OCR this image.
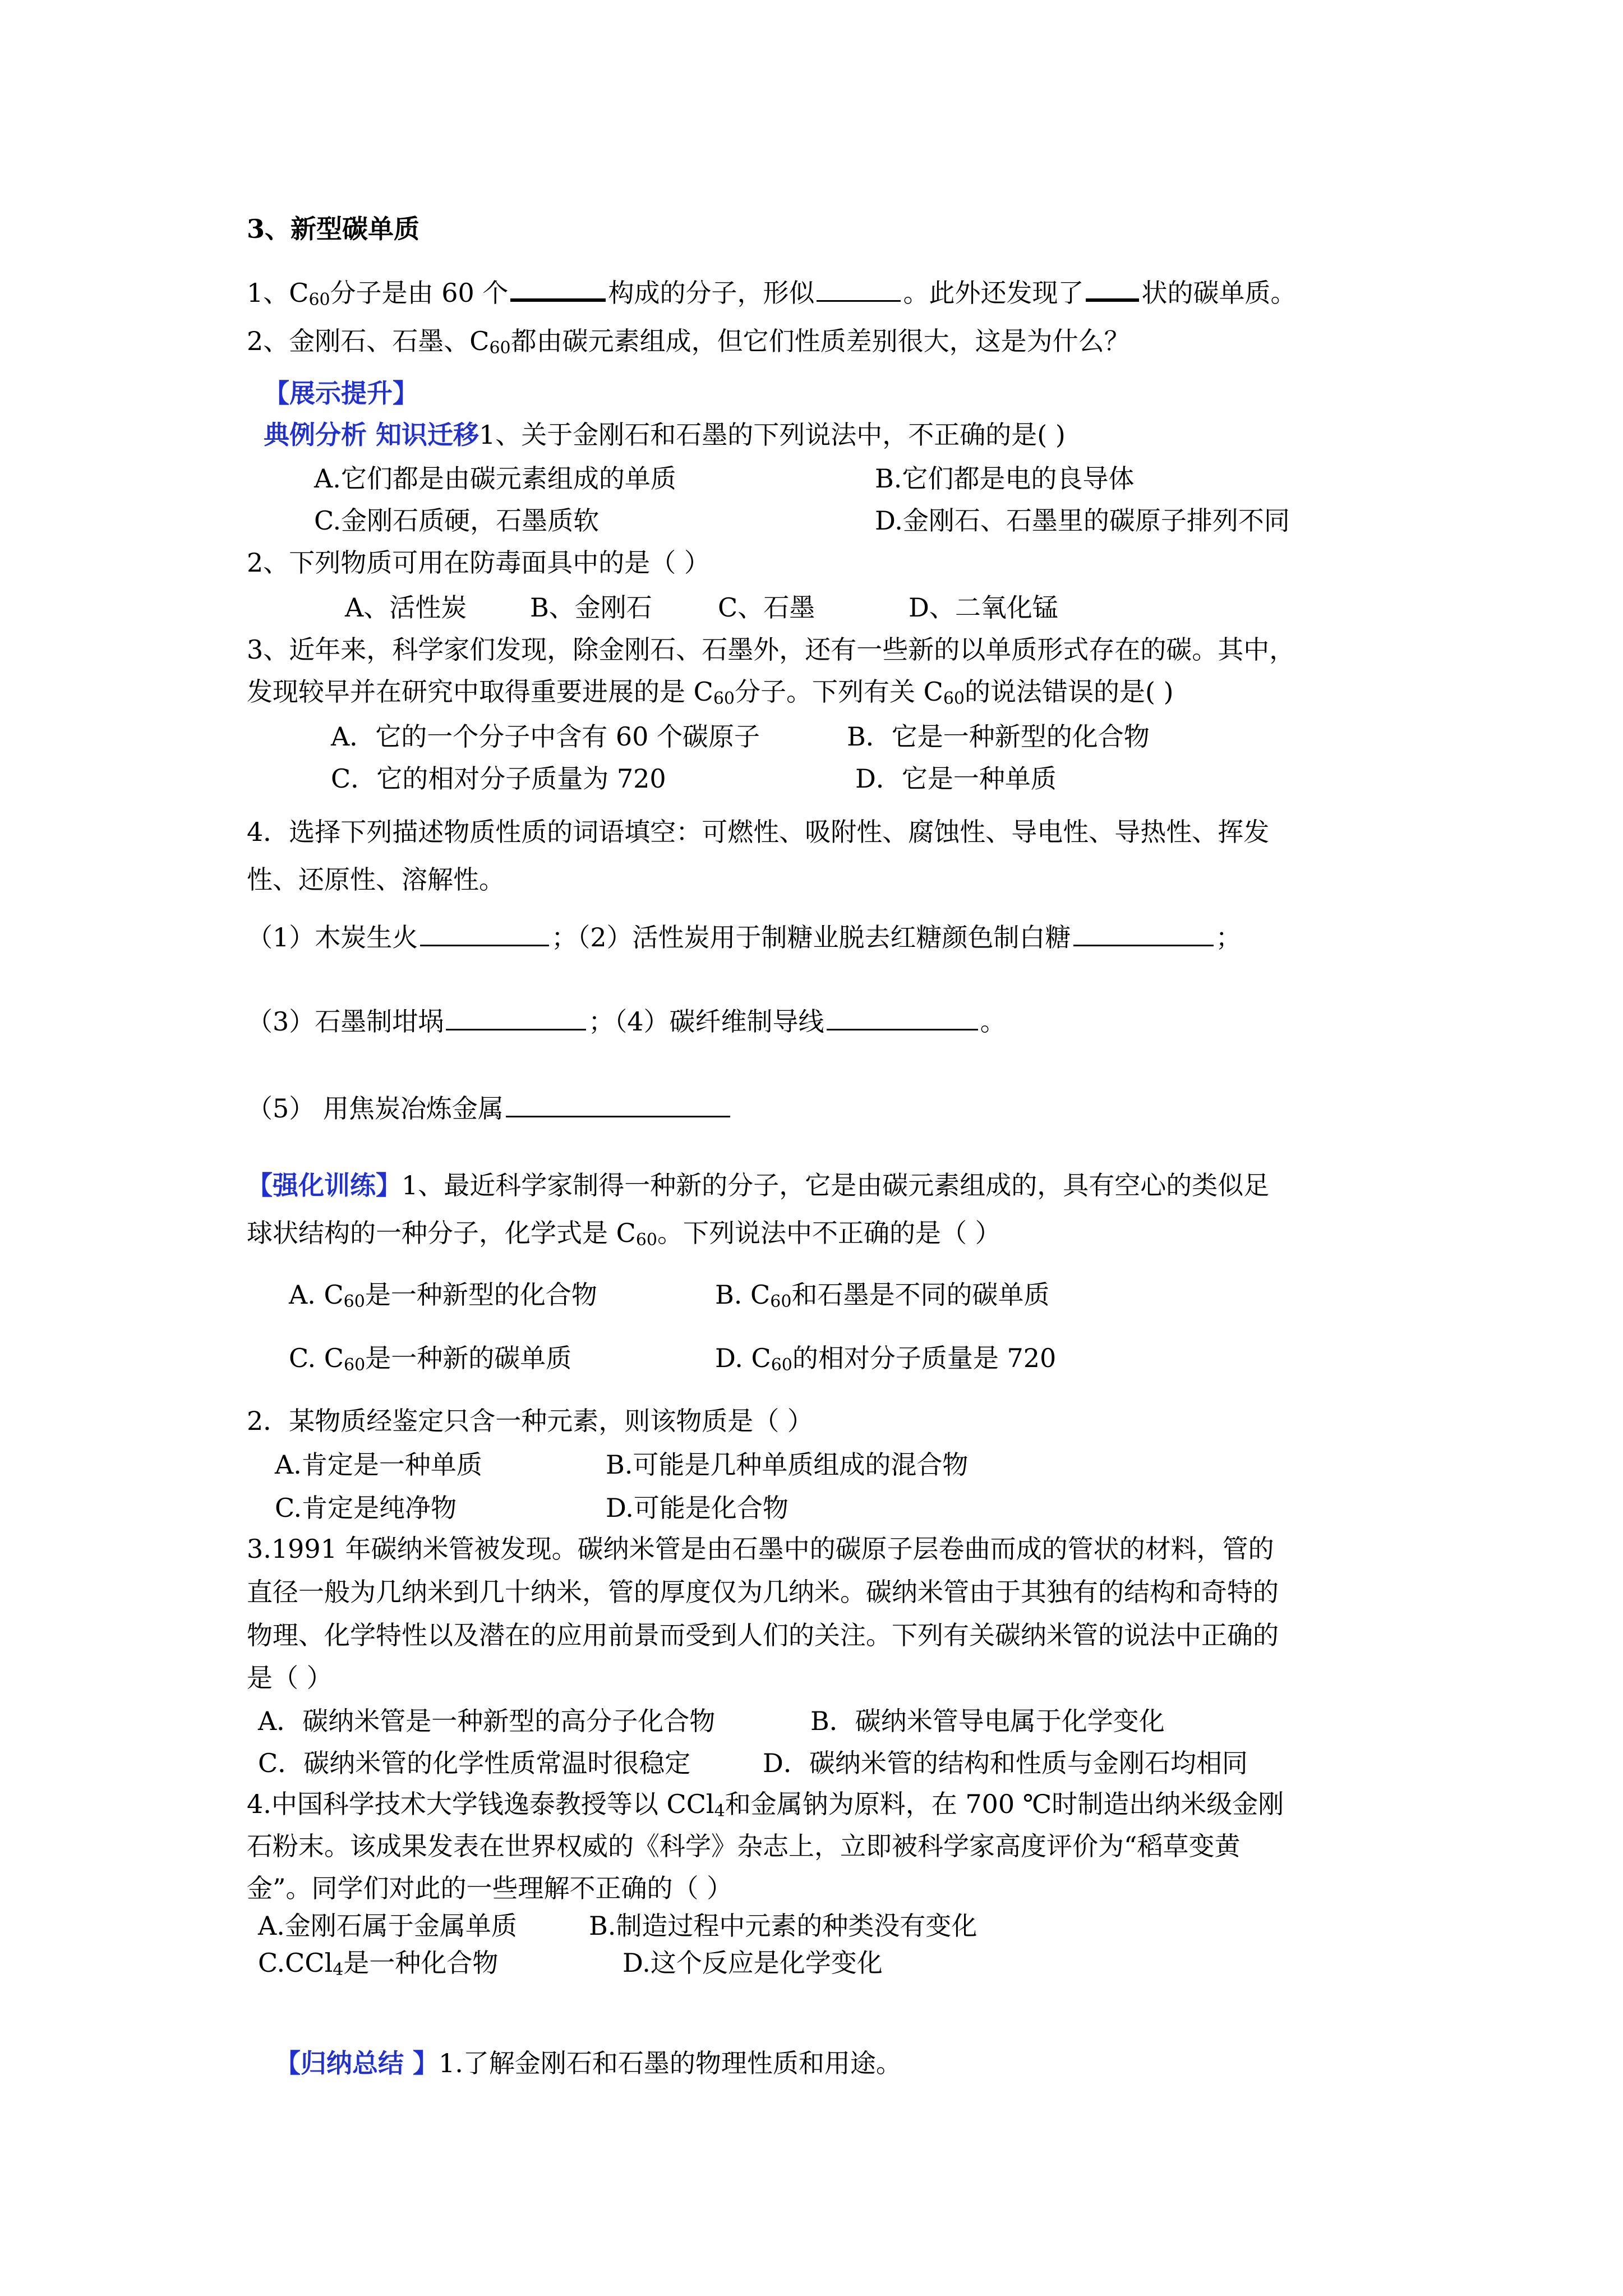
3、新型碳单质
1、$C_{60}$分子是由 60 个	构成的分子，形似	。此外还发现了 状的碳单质。
2、金刚石、石墨、$C_{60}$都由碳元素组成，但它们性质差别很大，这是为什么？
【展示提升】
典例分析 知识迁移1、关于金刚石和石墨的下列说法中，不正确的是( )
A.它们都是由碳元素组成的单质	B.它们都是电的良导体
C.金刚石质硬，石墨质软	D.金刚石、石墨里的碳原子排列不同
2、下列物质可用在防毒面具中的是（ ）
A、活性炭 B、金刚石	C、石墨	D、二氧化锰
3、近年来，科学家们发现，除金刚石、石墨外，还有一些新的以单质形式存在的碳。其中，
发现较早并在研究中取得重要进展的是 $C_{60}$分子。下列有关 $C_{60}$的说法错误的是( )
A．它的一个分子中含有 60 个碳原子	B．它是一种新型的化合物
C．它的相对分子质量为 720	D．它是一种单质
4．选择下列描述物质性质的词语填空：可燃性、吸附性、腐蚀性、导电性、导热性、挥发
性、还原性、溶解性。
（1）木炭生火	；（2）活性炭用于制糖业脱去红糖颜色制白糖	；
（3）石墨制坩埚	；（4）碳纤维制导线	。
（5） 用焦炭冶炼金属
【强化训练】1、最近科学家制得一种新的分子，它是由碳元素组成的，具有空心的类似足
球状结构的一种分子，化学式是 $C_{60}$。下列说法中不正确的是（ ）
A. $C_{60}$是一种新型的化合物	B. $C_{60}$和石墨是不同的碳单质
C. $C_{60}$是一种新的碳单质	D. $C_{60}$的相对分子质量是 720
2．某物质经鉴定只含一种元素，则该物质是（ ）
A.肯定是一种单质	B.可能是几种单质组成的混合物
C.肯定是纯净物	D.可能是化合物
3.1991 年碳纳米管被发现。碳纳米管是由石墨中的碳原子层卷曲而成的管状的材料，管的
直径一般为几纳米到几十纳米，管的厚度仅为几纳米。碳纳米管由于其独有的结构和奇特的
物理、化学特性以及潜在的应用前景而受到人们的关注。下列有关碳纳米管的说法中正确的
是（ ）
A．碳纳米管是一种新型的高分子化合物	B．碳纳米管导电属于化学变化
C．碳纳米管的化学性质常温时很稳定	D．碳纳米管的结构和性质与金刚石均相同
4.中国科学技术大学钱逸泰教授等以 CCl$_4$和金属钠为原料，在 700 ℃时制造出纳米级金刚
石粉末。该成果发表在世界权威的《科学》杂志上，立即被科学家高度评价为“稻草变黄
金”。同学们对此的一些理解不正确的（ ）
A.金刚石属于金属单质	B.制造过程中元素的种类没有变化
C.CCl$_4$是一种化合物	D.这个反应是化学变化
【归纳总结 】1.了解金刚石和石墨的物理性质和用途。
